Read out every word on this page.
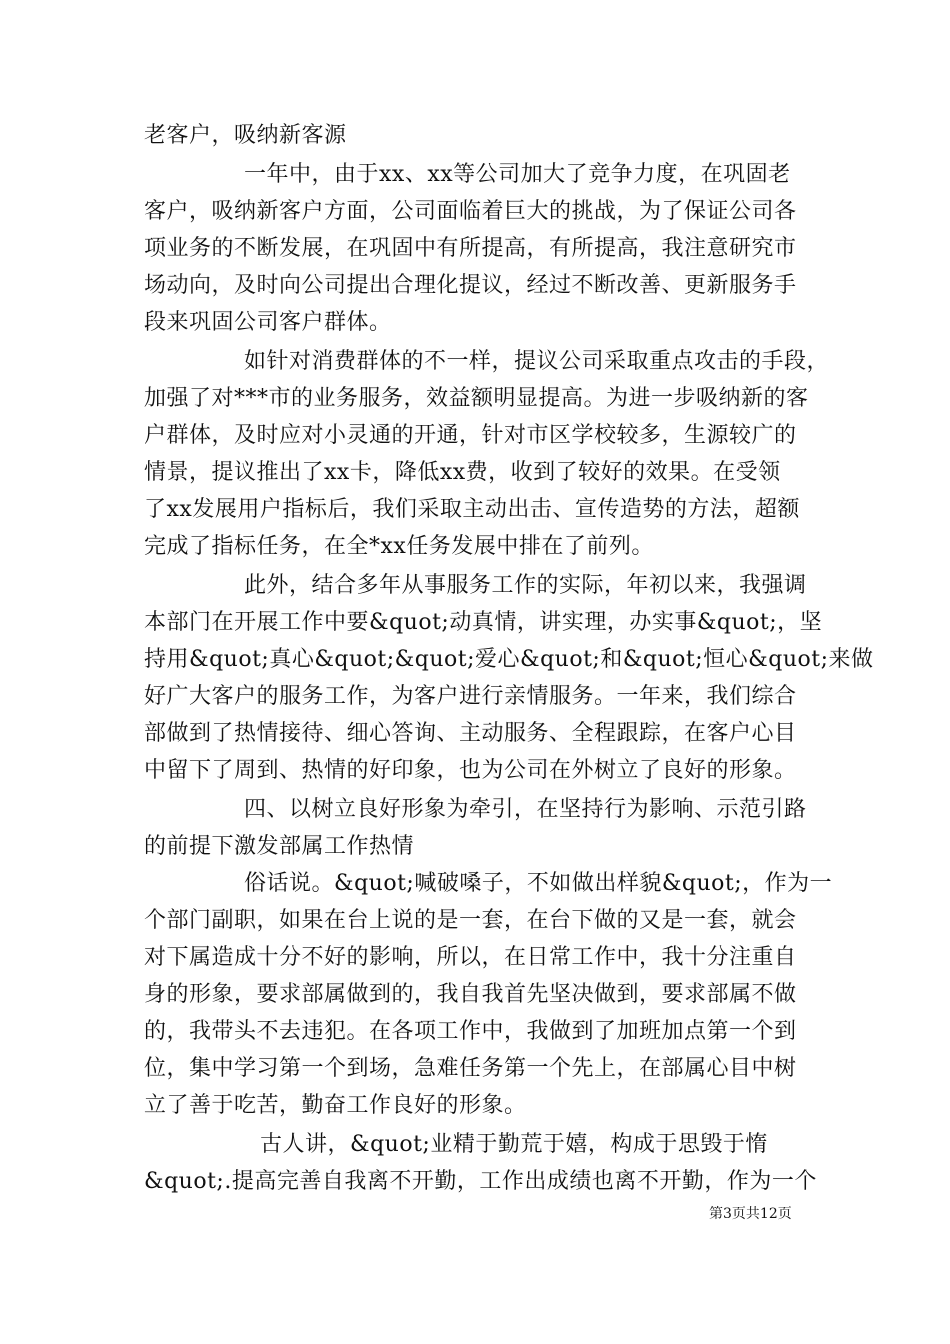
老客户，吸纳新客源
一年中，由于xx、xx等公司加大了竞争力度，在巩固老
客户，吸纳新客户方面，公司面临着巨大的挑战，为了保证公司各
项业务的不断发展，在巩固中有所提高，有所提高，我注意研究市
场动向，及时向公司提出合理化提议，经过不断改善、更新服务手
段来巩固公司客户群体。
如针对消费群体的不一样，提议公司采取重点攻击的手段，
加强了对***市的业务服务，效益额明显提高。为进一步吸纳新的客
户群体，及时应对小灵通的开通，针对市区学校较多，生源较广的
情景，提议推出了xx卡，降低xx费，收到了较好的效果。在受领
了xx发展用户指标后，我们采取主动出击、宣传造势的方法，超额
完成了指标任务，在全*xx任务发展中排在了前列。
此外，结合多年从事服务工作的实际，年初以来，我强调
本部门在开展工作中要&quot;动真情，讲实理，办实事&quot;，坚
持用&quot;真心&quot;&quot;爱心&quot;和&quot;恒心&quot;来做
好广大客户的服务工作，为客户进行亲情服务。一年来，我们综合
部做到了热情接待、细心答询、主动服务、全程跟踪，在客户心目
中留下了周到、热情的好印象，也为公司在外树立了良好的形象。
四、以树立良好形象为牵引，在坚持行为影响、示范引路
的前提下激发部属工作热情
俗话说。&quot;喊破嗓子，不如做出样貌&quot;，作为一
个部门副职，如果在台上说的是一套，在台下做的又是一套，就会
对下属造成十分不好的影响，所以，在日常工作中，我十分注重自
身的形象，要求部属做到的，我自我首先坚决做到，要求部属不做
的，我带头不去违犯。在各项工作中，我做到了加班加点第一个到
位，集中学习第一个到场，急难任务第一个先上，在部属心目中树
立了善于吃苦，勤奋工作良好的形象。
古人讲，&quot;业精于勤荒于嬉，构成于思毁于惰
&quot;.提高完善自我离不开勤，工作出成绩也离不开勤，作为一个
第3页共12页
